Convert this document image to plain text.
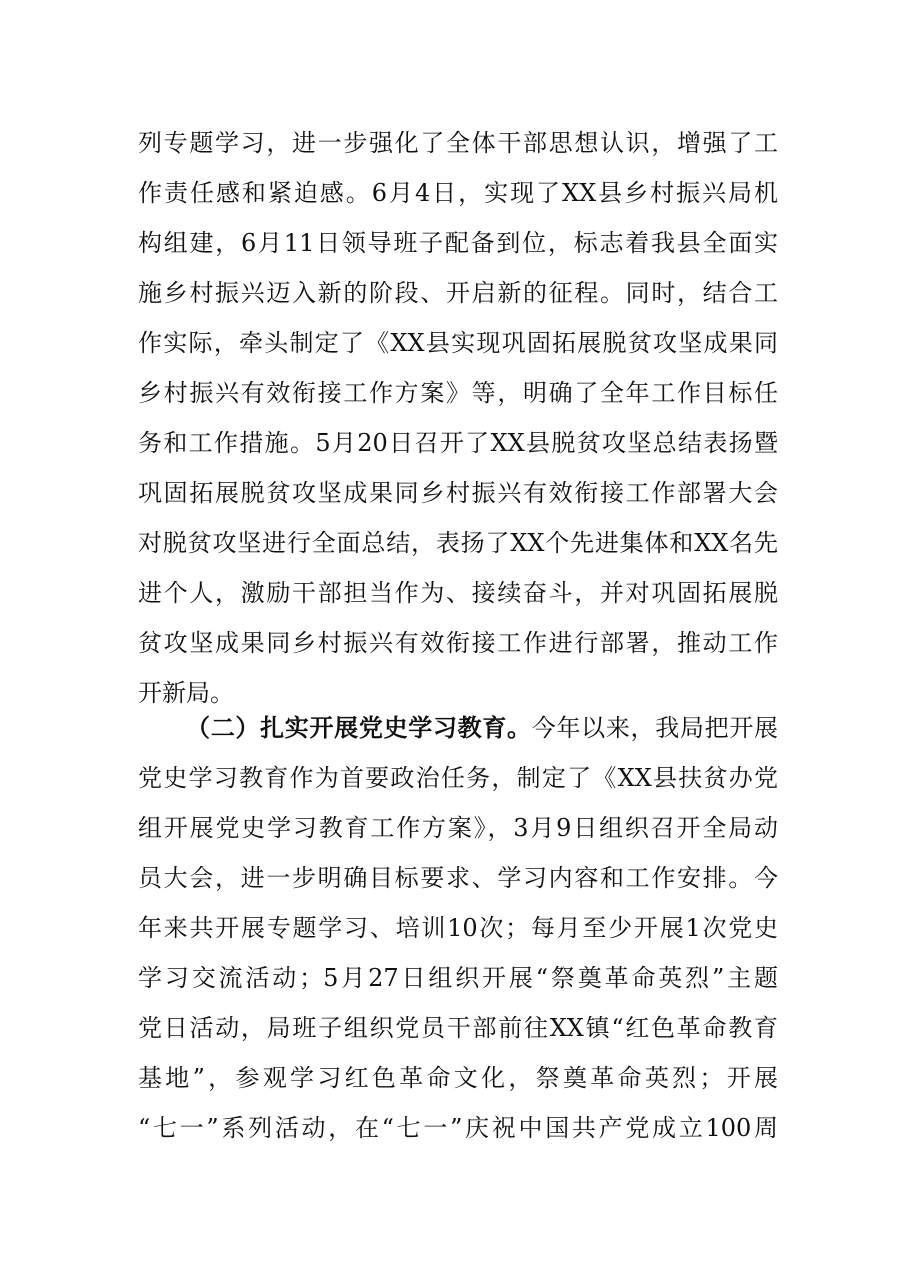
列专题学习，进一步强化了全体干部思想认识，增强了工
作责任感和紧迫感。6月4日，实现了XX县乡村振兴局机
构组建，6月11日领导班子配备到位，标志着我县全面实
施乡村振兴迈入新的阶段、开启新的征程。同时，结合工
作实际，牵头制定了《XX县实现巩固拓展脱贫攻坚成果同
乡村振兴有效衔接工作方案》等，明确了全年工作目标任
务和工作措施。5月20日召开了XX县脱贫攻坚总结表扬暨
巩固拓展脱贫攻坚成果同乡村振兴有效衔接工作部署大会
对脱贫攻坚进行全面总结，表扬了XX个先进集体和XX名先
进个人，激励干部担当作为、接续奋斗，并对巩固拓展脱
贫攻坚成果同乡村振兴有效衔接工作进行部署，推动工作
开新局。
（二）扎实开展党史学习教育。今年以来，我局把开展
党史学习教育作为首要政治任务，制定了《XX县扶贫办党
组开展党史学习教育工作方案》，3月9日组织召开全局动
员大会，进一步明确目标要求、学习内容和工作安排。今
年来共开展专题学习、培训10次；每月至少开展1次党史
学习交流活动；5月27日组织开展“祭奠革命英烈”主题
党日活动，局班子组织党员干部前往XX镇“红色革命教育
基地”，参观学习红色革命文化，祭奠革命英烈；开展
“七一”系列活动，在“七一”庆祝中国共产党成立100周
